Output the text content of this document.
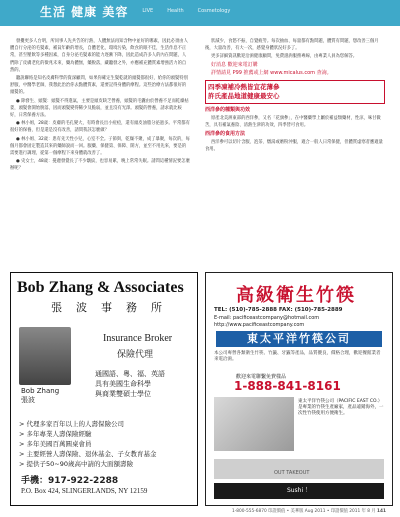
生活 健康 美容	LIVE	Health	Cosmetology

發擾更多人台明，所同事人先共告的行熱，人體無法再知含物中並好的哪素，因此必須由人體自行分泌的毛髮素，補貧年齡的增長，自體老化，環境污染，飲食的眼不佳，生活作息不正常，甚至壓飲等多種因素，自身分泌毛髮素的能力逐漸下降，因此造成許多人的內在問題，人們除了皮膚老化的徵兆未來，藥為體無，藥脫落，藏聽發之外，亦應補充體質素增強活力的自然的。

聽說聯絡是知名皮膚科學的資深顧問，如果你確定生髮乾就的頭髮都很好，給你的頭髮特別舒服，中醫學老師，我想此治治你去點體質素，還要記得身體的療程。這些治療方法都很好的頭髮的。

● 除發生、頭髮：頭髮不得進氣，主要是頭皮缺乏營養，頭髮的毛囊由於營養不足而乾燥枯萎，頭髮會開始脫落，因而頭髮變得稀少及脆弱，並且沒有光澤。頭髮的營養，請求就比較好，日常保養方法。

● 林小姐，28歲：皮膚的毛孔變大，有時會長出小痘痘，還有頭皮油脂分泌過多。平常都有很好的保養，但是還是沒有改善，請問我該怎麼做？

● 林小姐、32歲：患有先天性小兒，心室不全。子節與，乾燥不聚，成了暴聚，每次的，每個月都會固定製造其來的藥師說而一回。服藥、保健第、保障、開方，並至不用先來，要是的需要進行調理，從第一個療程下來身體就改善了。

● 史女士，48歲：憂慮發覺長了不少皺紋，也容易累，晚上常常失眠。請問這種情況要怎麼辦呢？

狀減少，食慾不振、自覺疲勞。每次抽血、每量都有點問題，體質有問題，想改善三個月後，大量改善，有大一次，感覺身體狀況好多了。

更多詳細資訊歡迎洽詢健康顧問，免費諮詢服務專線，由專業人員為您解答。

好消息 歡迎來電訂購

詳情請見 P99 推薦或上網 www.micalus.com 查詢。

四季凍補冷熱皆宜花薄參

許氏產品地道健康最安心

西洋參的種類與功效

原產北美洲東部的西洋參，又名「花旗參」，在中醫藥學上屬於補益類藥材，性涼，味甘微苦，具有補氣養陰、清熱生津的功效，四季皆可食用。

西洋參的食用方法

西洋參可以切片含服、泡茶、燉湯或磨粉沖服，適合一般人日常保健，但體質虛寒者應適量食用。

Bob Zhang & Associates
張波事務所
Insurance Broker
保險代理
通國語、粵、福、英語
具有美國生命科學
與商業雙碩士學位
Bob Zhang
張波
> 代理多家百年以上的人壽保險公司
> 多年專業人壽保險經驗
> 多年美國百萬圓桌會員
> 主要經營人壽保險、退休基金、子女教育基金
> 提供子50~90歲高中請的大面額壽險
手機：917-922-2288
P.O. Box 424, SLINGERLANDS, NY 12159
高級衛生竹筷
TEL: (510)-785-2888 FAX: (510)-785-2889
E-mail: pacificeastcompany@hotmail.com
http://www.pacificeastcompany.com
東太平洋竹筷公司
本公司專營各類衛生竹筷、竹籤、牙籤等產品，品質優良，價格合理，歡迎餐館業者來電洽詢。
歡迎來電聯繫免費樣品
1-888-841-8161
東太平洋竹筷公司（PACIFIC EAST CO.）是專業的竹筷生產廠家，產品遠銷海外，一次性竹筷使用方便衛生。
OUT TAKEOUT
Sushi ！
1-800-555-6870 印證價值 • 美華版 Aug 2011 • 印證價值 2011 年 8 月 141
